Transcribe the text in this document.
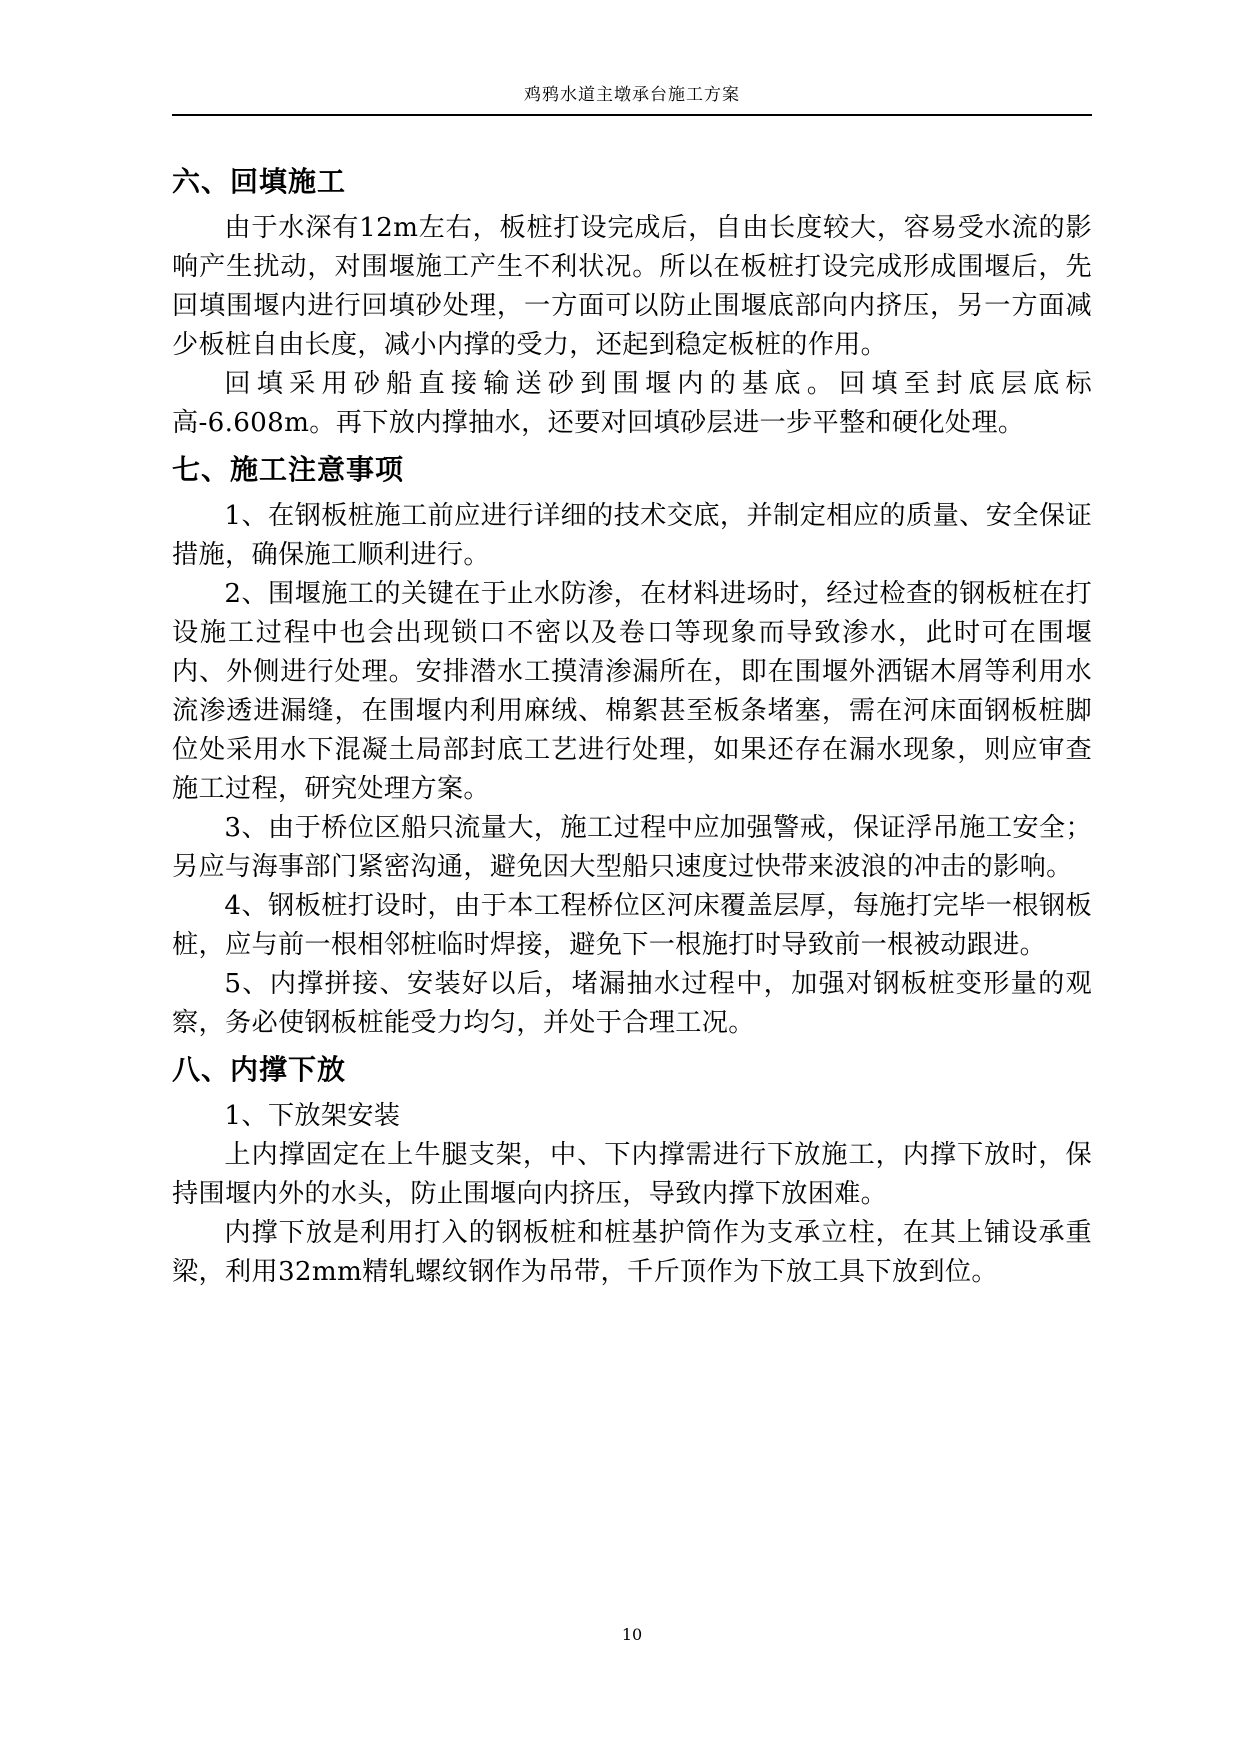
鸡鸦水道主墩承台施工方案
六、回填施工

由于水深有12m左右，板桩打设完成后，自由长度较大，容易受水流的影响产生扰动，对围堰施工产生不利状况。所以在板桩打设完成形成围堰后，先回填围堰内进行回填砂处理，一方面可以防止围堰底部向内挤压，另一方面减少板桩自由长度，减小内撑的受力，还起到稳定板桩的作用。

回填采用砂船直接输送砂到围堰内的基底。回填至封底层底标高-6.608m。再下放内撑抽水，还要对回填砂层进一步平整和硬化处理。

七、施工注意事项

1、在钢板桩施工前应进行详细的技术交底，并制定相应的质量、安全保证措施，确保施工顺利进行。

2、围堰施工的关键在于止水防渗，在材料进场时，经过检查的钢板桩在打设施工过程中也会出现锁口不密以及卷口等现象而导致渗水，此时可在围堰内、外侧进行处理。安排潜水工摸清渗漏所在，即在围堰外洒锯木屑等利用水流渗透进漏缝，在围堰内利用麻绒、棉絮甚至板条堵塞，需在河床面钢板桩脚位处采用水下混凝土局部封底工艺进行处理，如果还存在漏水现象，则应审查施工过程，研究处理方案。

3、由于桥位区船只流量大，施工过程中应加强警戒，保证浮吊施工安全；另应与海事部门紧密沟通，避免因大型船只速度过快带来波浪的冲击的影响。

4、钢板桩打设时，由于本工程桥位区河床覆盖层厚，每施打完毕一根钢板桩，应与前一根相邻桩临时焊接，避免下一根施打时导致前一根被动跟进。

5、内撑拼接、安装好以后，堵漏抽水过程中，加强对钢板桩变形量的观察，务必使钢板桩能受力均匀，并处于合理工况。

八、内撑下放

1、下放架安装

上内撑固定在上牛腿支架，中、下内撑需进行下放施工，内撑下放时，保持围堰内外的水头，防止围堰向内挤压，导致内撑下放困难。

内撑下放是利用打入的钢板桩和桩基护筒作为支承立柱，在其上铺设承重梁，利用32mm精轧螺纹钢作为吊带，千斤顶作为下放工具下放到位。

10
